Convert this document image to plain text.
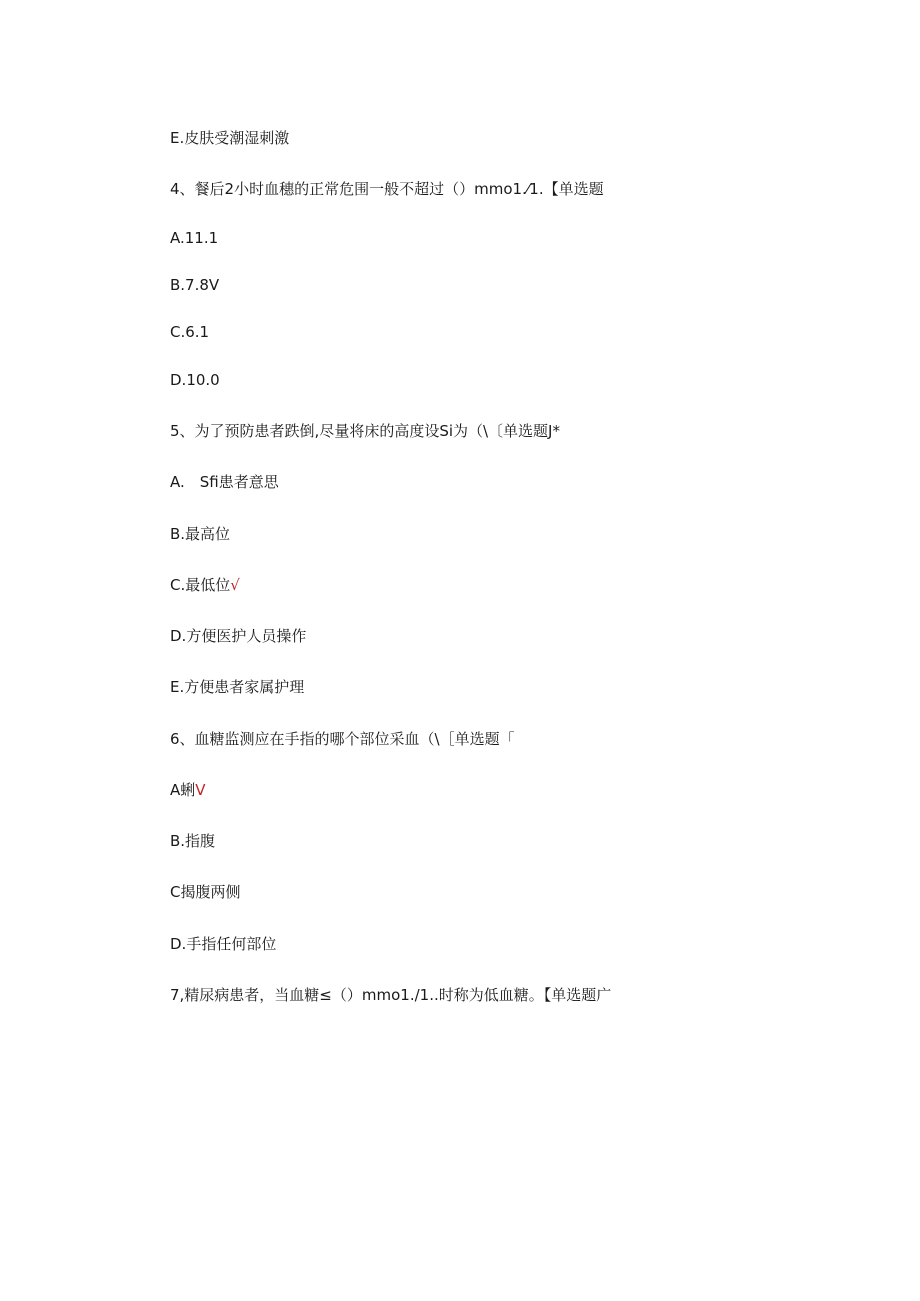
E.皮肤受潮湿刺激
4、餐后2小时血穗的正常危围一般不超过（）mmo1.⁄1.【单选题
A.11.1
B.7.8V
C.6.1
D.10.0
5、为了预防患者跌倒,尽量将床的高度设Si为（\〔单选题J*
A.　Sfi患者意思
B.最高位
C.最低位√
D.方便医护人员操作
E.方便患者家属护理
6、血糖监测应在手指的哪个部位采血（\［单选题「
A蜊V
B.指腹
C揭腹两侧
D.手指任何部位
7,精尿病患者，当血糖≤（）mmo1./1..时称为低血糖。【单选题广
